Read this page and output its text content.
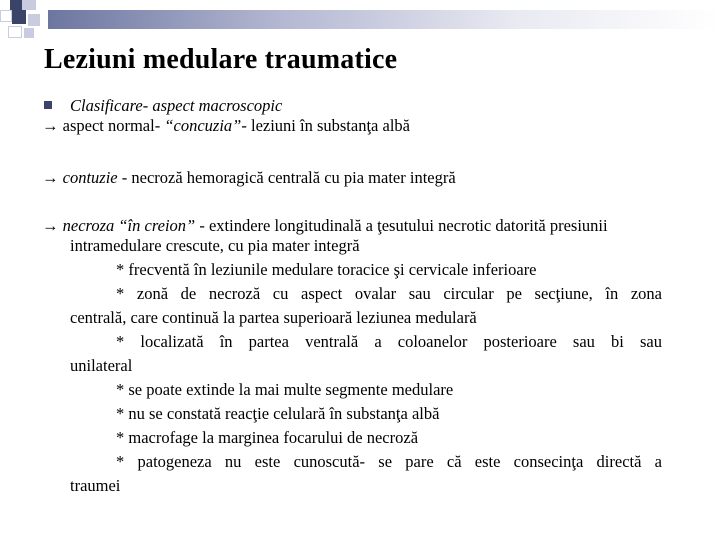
Leziuni medulare traumatice

Clasificare- aspect macroscopic

→ aspect normal- “concuzia”- leziuni în substanţa albă

→ contuzie - necroză hemoragică centrală cu pia mater integră

→ necroza “în creion” - extindere longitudinală a ţesutului necrotic datorită presiunii intramedulare crescute, cu pia mater integră

* frecventă în leziunile medulare toracice şi cervicale inferioare

* zonă de necroză cu aspect ovalar sau circular pe secţiune, în zona

centrală, care continuă la partea superioară leziunea medulară

* localizată în partea ventrală a coloanelor posterioare sau bi sau

unilateral

* se poate extinde la mai multe segmente medulare

* nu se constată reacţie celulară în substanţa albă

* macrofage la marginea focarului de necroză

* patogeneza nu este cunoscută- se pare că este consecinţa directă a

traumei
